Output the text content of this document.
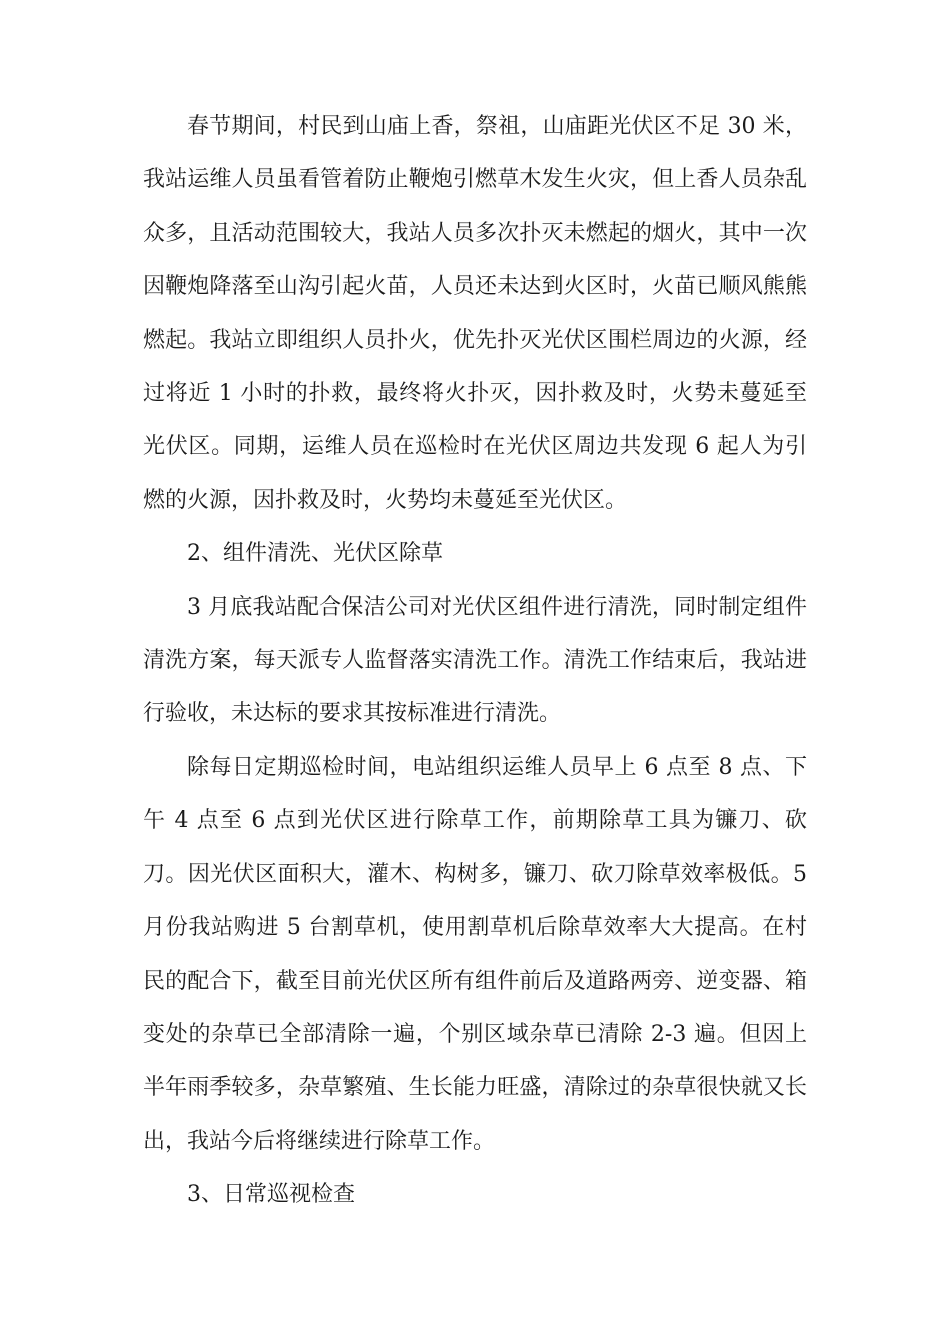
春节期间，村民到山庙上香，祭祖，山庙距光伏区不足 30 米，我站运维人员虽看管着防止鞭炮引燃草木发生火灾，但上香人员杂乱众多，且活动范围较大，我站人员多次扑灭未燃起的烟火，其中一次因鞭炮降落至山沟引起火苗，人员还未达到火区时，火苗已顺风熊熊燃起。我站立即组织人员扑火，优先扑灭光伏区围栏周边的火源，经过将近 1 小时的扑救，最终将火扑灭，因扑救及时，火势未蔓延至光伏区。同期，运维人员在巡检时在光伏区周边共发现 6 起人为引燃的火源，因扑救及时，火势均未蔓延至光伏区。

2、组件清洗、光伏区除草

3 月底我站配合保洁公司对光伏区组件进行清洗，同时制定组件清洗方案，每天派专人监督落实清洗工作。清洗工作结束后，我站进行验收，未达标的要求其按标准进行清洗。

除每日定期巡检时间，电站组织运维人员早上 6 点至 8 点、下午 4 点至 6 点到光伏区进行除草工作，前期除草工具为镰刀、砍刀。因光伏区面积大，灌木、构树多，镰刀、砍刀除草效率极低。5 月份我站购进 5 台割草机，使用割草机后除草效率大大提高。在村民的配合下，截至目前光伏区所有组件前后及道路两旁、逆变器、箱变处的杂草已全部清除一遍，个别区域杂草已清除 2-3 遍。但因上半年雨季较多，杂草繁殖、生长能力旺盛，清除过的杂草很快就又长出，我站今后将继续进行除草工作。

3、日常巡视检查
